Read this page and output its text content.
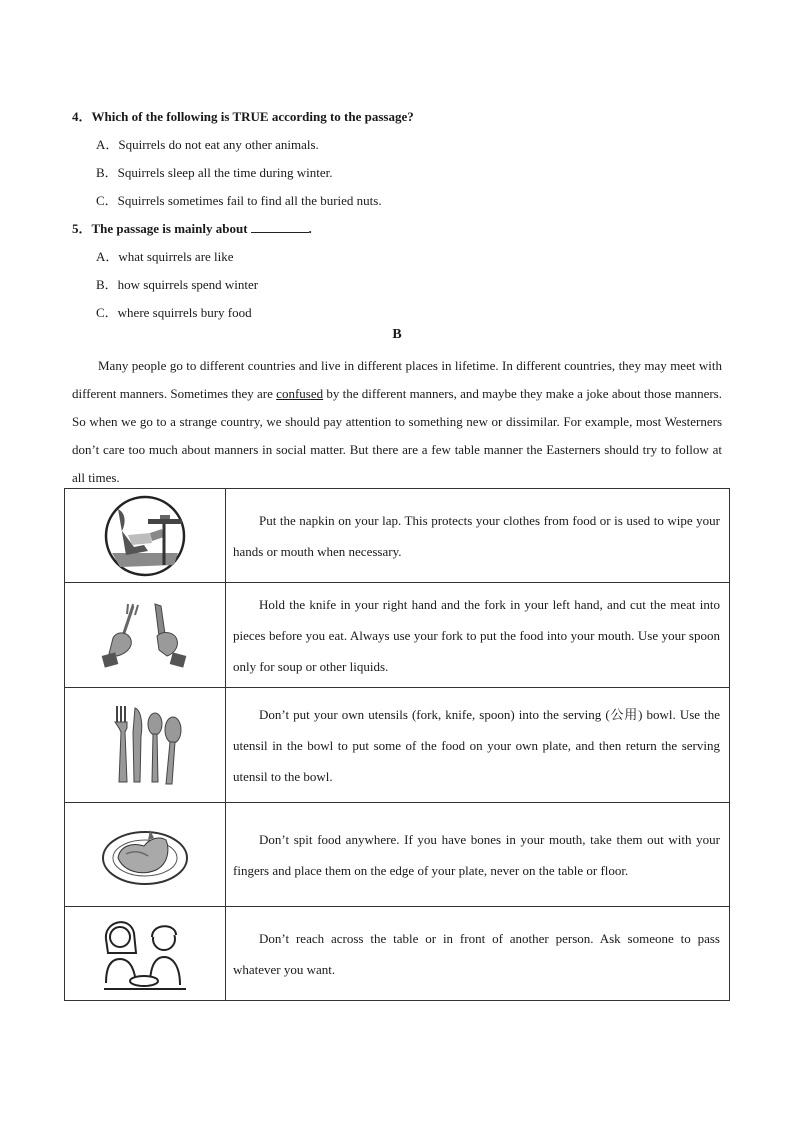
4．Which of the following is TRUE according to the passage?
A．Squirrels do not eat any other animals.
B．Squirrels sleep all the time during winter.
C．Squirrels sometimes fail to find all the buried nuts.
5．The passage is mainly about	.
A．what squirrels are like
B．how squirrels spend winter
C．where squirrels bury food
B
Many people go to different countries and live in different places in lifetime. In different countries, they may meet with different manners. Sometimes they are confused by the different manners, and maybe they make a joke about those manners. So when we go to a strange country, we should pay attention to something new or dissimilar. For example, most Westerners don’t care too much about manners in social matter. But there are a few table manner the Easterners should try to follow at all times.
	Put the napkin on your lap. This protects your clothes from food or is used to wipe your hands or mouth when necessary.

	Hold the knife in your right hand and the fork in your left hand, and cut the meat into pieces before you eat. Always use your fork to put the food into your mouth. Use your spoon only for soup or other liquids.

	Don’t put your own utensils (fork, knife, spoon) into the serving (公用) bowl. Use the utensil in the bowl to put some of the food on your own plate, and then return the serving utensil to the bowl.

	Don’t spit food anywhere. If you have bones in your mouth, take them out with your fingers and place them on the edge of your plate, never on the table or floor.

	Don’t reach across the table or in front of another person. Ask someone to pass whatever you want.
